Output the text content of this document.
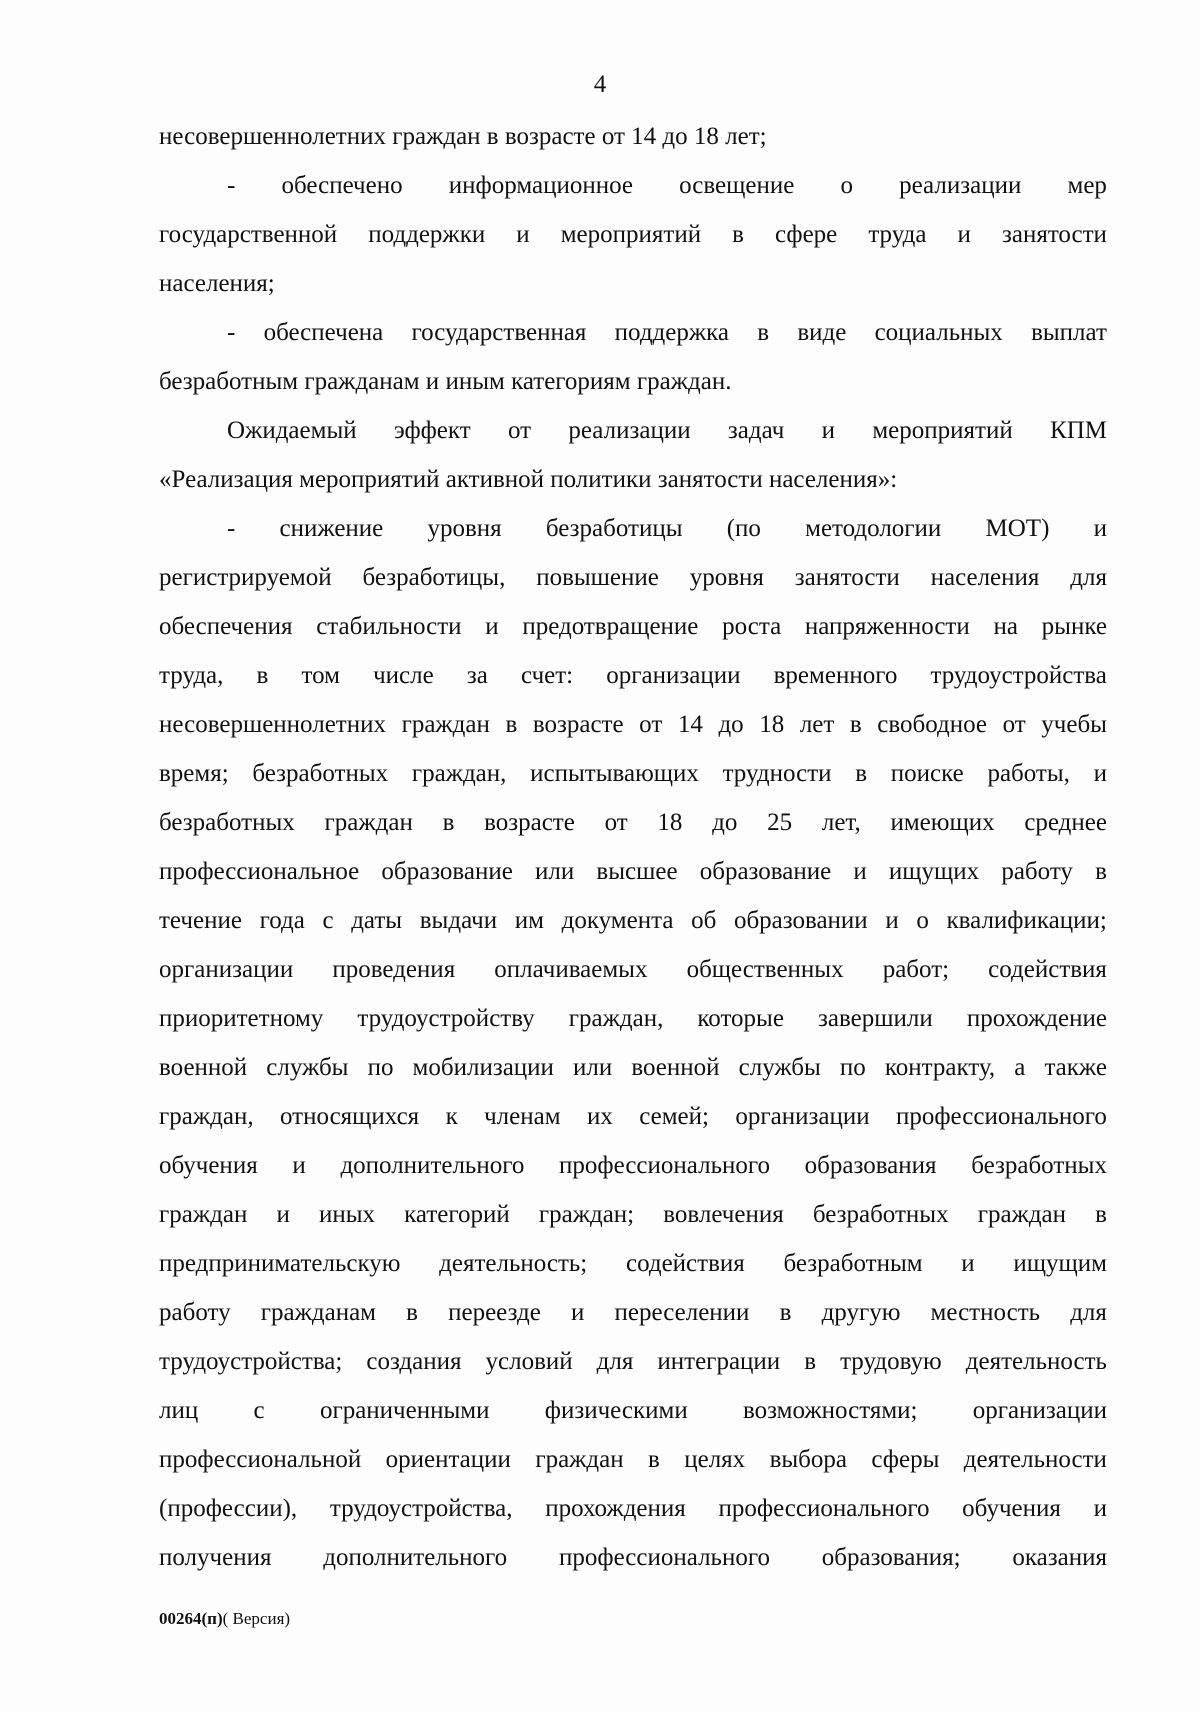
4
несовершеннолетних граждан в возрасте от 14 до 18 лет;
- обеспечено информационное освещение о реализации мер
государственной поддержки и мероприятий в сфере труда и занятости
населения;
- обеспечена государственная поддержка в виде социальных выплат
безработным гражданам и иным категориям граждан.
Ожидаемый эффект от реализации задач и мероприятий КПМ
«Реализация мероприятий активной политики занятости населения»:
- снижение уровня безработицы (по методологии МОТ) и
регистрируемой безработицы, повышение уровня занятости населения для
обеспечения стабильности и предотвращение роста напряженности на рынке
труда, в том числе за счет: организации временного трудоустройства
несовершеннолетних граждан в возрасте от 14 до 18 лет в свободное от учебы
время; безработных граждан, испытывающих трудности в поиске работы, и
безработных граждан в возрасте от 18 до 25 лет, имеющих среднее
профессиональное образование или высшее образование и ищущих работу в
течение года с даты выдачи им документа об образовании и о квалификации;
организации проведения оплачиваемых общественных работ; содействия
приоритетному трудоустройству граждан, которые завершили прохождение
военной службы по мобилизации или военной службы по контракту, а также
граждан, относящихся к членам их семей; организации профессионального
обучения и дополнительного профессионального образования безработных
граждан и иных категорий граждан; вовлечения безработных граждан в
предпринимательскую деятельность; содействия безработным и ищущим
работу гражданам в переезде и переселении в другую местность для
трудоустройства; создания условий для интеграции в трудовую деятельность
лиц с ограниченными физическими возможностями; организации
профессиональной ориентации граждан в целях выбора сферы деятельности
(профессии), трудоустройства, прохождения профессионального обучения и
получения дополнительного профессионального образования; оказания
00264(п)( Версия)
